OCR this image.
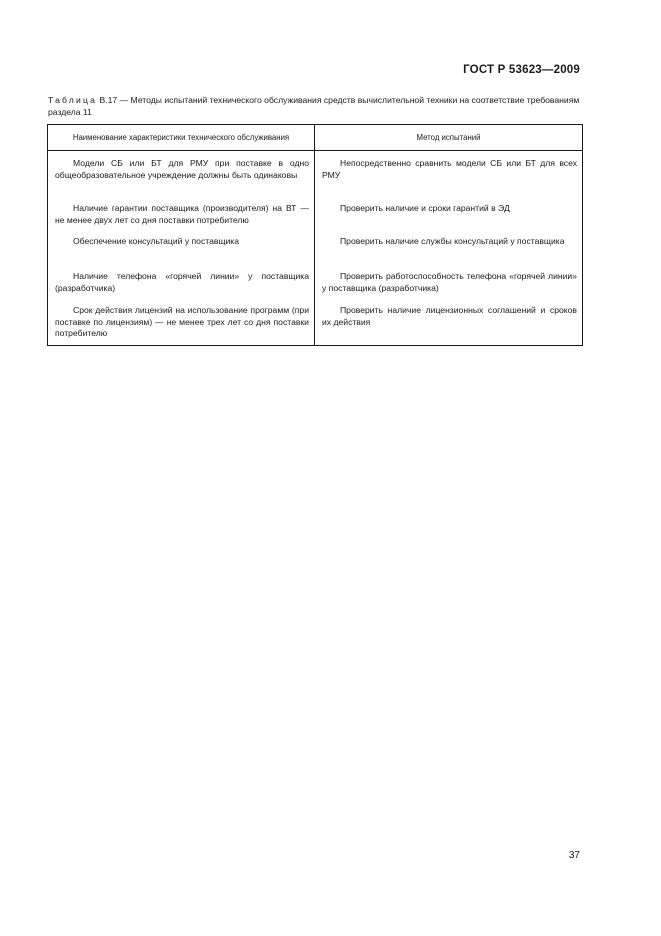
ГОСТ Р 53623—2009
Таблица В.17 — Методы испытаний технического обслуживания средств вычислительной техники на соответствие требованиям раздела 11
Наименование характеристики технического обслуживания	Метод испытаний

Модели СБ или БТ для РМУ при поставке в одно общеобразовательное учреждение должны быть одинаковы	Непосредственно сравнить модели СБ или БТ для всех РМУ

Наличие гарантии поставщика (производителя) на ВТ — не менее двух лет со дня поставки потребителю	Проверить наличие и сроки гарантий в ЭД

Обеспечение консультаций у поставщика	Проверить наличие службы консультаций у поставщика

Наличие телефона «горячей линии» у поставщика (разработчика)	Проверить работоспособность телефона «горячей линии» у поставщика (разработчика)

Срок действия лицензий на использование программ (при поставке по лицензиям) — не менее трех лет со дня поставки потребителю	Проверить наличие лицензионных соглашений и сроков их действия
37
